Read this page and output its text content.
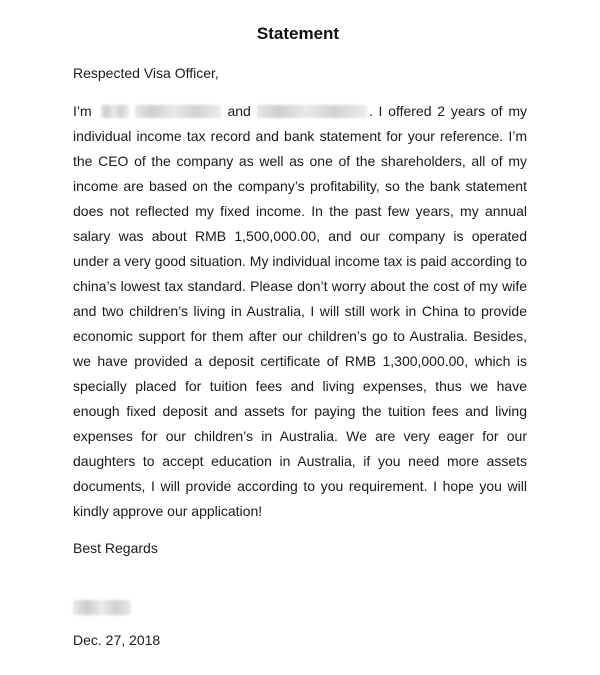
Statement
Respected Visa Officer,

I’m	and	. I offered 2 years of my individual income tax record and bank statement for your reference. I’m the CEO of the company as well as one of the shareholders, all of my income are based on the company’s profitability, so the bank statement does not reflected my fixed income. In the past few years, my annual salary was about RMB 1,500,000.00, and our company is operated under a very good situation. My individual income tax is paid according to china’s lowest tax standard. Please don’t worry about the cost of my wife and two children’s living in Australia, I will still work in China to provide economic support for them after our children’s go to Australia. Besides, we have provided a deposit certificate of RMB 1,300,000.00, which is specially placed for tuition fees and living expenses, thus we have enough fixed deposit and assets for paying the tuition fees and living expenses for our children’s in Australia. We are very eager for our daughters to accept education in Australia, if you need more assets documents, I will provide according to you requirement. I hope you will kindly approve our application!

Best Regards
Dec. 27, 2018
